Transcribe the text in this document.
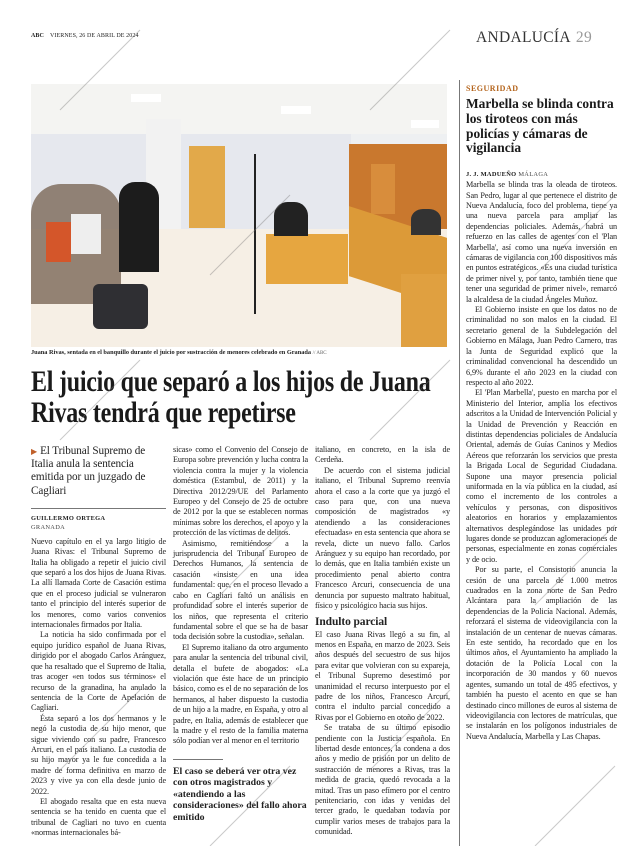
ABC VIERNES, 26 DE ABRIL DE 2024	ANDALUCÍA 29
Juana Rivas, sentada en el banquillo durante el juicio por sustracción de menores celebrado en Granada // ABC
El juicio que separó a los hijos de Juana Rivas tendrá que repetirse
▶ El Tribunal Supremo de Italia anula la sentencia emitida por un juzgado de Cagliari
GUILLERMO ORTEGA
GRANADA

Nuevo capítulo en el ya largo litigio de Juana Rivas: el Tribunal Supremo de Italia ha obligado a repetir el juicio civil que separó a los dos hijos de Juana Rivas. La allí llamada Corte de Casación estima que en el proceso judicial se vulneraron tanto el principio del interés superior de los menores, como varios convenios internacionales firmados por Italia.

La noticia ha sido confirmada por el equipo jurídico español de Juana Rivas, dirigido por el abogado Carlos Aránguez, que ha resaltado que el Supremo de Italia, tras acoger «en todos sus términos» el recurso de la granadina, ha anulado la sentencia de la Corte de Apelación de Cagliari.

Ésta separó a los dos hermanos y le negó la custodia de su hijo menor, que sigue viviendo con su padre, Francesco Arcuri, en el país italiano. La custodia de su hijo mayor ya le fue concedida a la madre de forma definitiva en marzo de 2023 y vive ya con ella desde junio de 2022.

El abogado resalta que en esta nueva sentencia se ha tenido en cuenta que el tribunal de Cagliari no tuvo en cuenta «normas internacionales bá-

sicas» como el Convenio del Consejo de Europa sobre prevención y lucha contra la violencia contra la mujer y la violencia doméstica (Estambul, de 2011) y la Directiva 2012/29/UE del Parlamento Europeo y del Consejo de 25 de octubre de 2012 por la que se establecen normas mínimas sobre los derechos, el apoyo y la protección de las víctimas de delitos.

Asimismo, remitiéndose a la jurisprudencia del Tribunal Europeo de Derechos Humanos, la sentencia de casación «insiste en una idea fundamental: que, en el proceso llevado a cabo en Cagliari faltó un análisis en profundidad sobre el interés superior de los niños, que representa el criterio fundamental sobre el que se ha de basar toda decisión sobre la custodia», señalan.

El Supremo italiano da otro argumento para anular la sentencia del tribunal civil, detalla el bufete de abogados: «La violación que éste hace de un principio básico, como es el de no separación de los hermanos, al haber dispuesto la custodia de un hijo a la madre, en España, y otro al padre, en Italia, además de establecer que la madre y el resto de la familia materna sólo podían ver al menor en el territorio

El caso se deberá ver otra vez con otros magistrados y «atendiendo a las consideraciones» del fallo ahora emitido

italiano, en concreto, en la isla de Cerdeña.

De acuerdo con el sistema judicial italiano, el Tribunal Supremo reenvía ahora el caso a la corte que ya juzgó el caso para que, con una nueva composición de magistrados «y atendiendo a las consideraciones efectuadas» en esta sentencia que ahora se revela, dicte un nuevo fallo. Carlos Aránguez y su equipo han recordado, por lo demás, que en Italia también existe un procedimiento penal abierto contra Francesco Arcuri, consecuencia de una denuncia por supuesto maltrato habitual, físico y psicológico hacia sus hijos.

Indulto parcial

El caso Juana Rivas llegó a su fin, al menos en España, en marzo de 2023. Seis años después del secuestro de sus hijos para evitar que volvieran con su expareja, el Tribunal Supremo desestimó por unanimidad el recurso interpuesto por el padre de los niños, Francesco Arcuri, contra el indulto parcial concedido a Rivas por el Gobierno en otoño de 2022.

Se trataba de su último episodio pendiente con la Justicia española. En libertad desde entonces, la condena a dos años y medio de prisión por un delito de sustracción de menores a Rivas, tras la medida de gracia, quedó revocada a la mitad. Tras un paso efímero por el centro penitenciario, con idas y venidas del tercer grado, le quedaban todavía por cumplir varios meses de trabajos para la comunidad.

SEGURIDAD
Marbella se blinda contra los tiroteos con más policías y cámaras de vigilancia
J. J. MADUEÑO MÁLAGA

Marbella se blinda tras la oleada de tiroteos. San Pedro, lugar al que pertenece el distrito de Nueva Andalucía, foco del problema, tiene ya una nueva parcela para ampliar las dependencias policiales. Además, habrá un refuerzo en las calles de agentes con el 'Plan Marbella', así como una nueva inversión en cámaras de vigilancia con 100 dispositivos más en puntos estratégicos. «Es una ciudad turística de primer nivel y, por tanto, también tiene que tener una seguridad de primer nivel», remarcó la alcaldesa de la ciudad Ángeles Muñoz.

El Gobierno insiste en que los datos no de criminalidad no son malos en la ciudad. El secretario general de la Subdelegación del Gobierno en Málaga, Juan Pedro Carnero, tras la Junta de Seguridad explicó que la criminalidad convencional ha descendido un 6,9% durante el año 2023 en la ciudad con respecto al año 2022.

El 'Plan Marbella', puesto en marcha por el Ministerio del Interior, amplía los efectivos adscritos a la Unidad de Intervención Policial y la Unidad de Prevención y Reacción en distintas dependencias policiales de Andalucía Oriental, además de Guías Caninos y Medios Aéreos que reforzarán los servicios que presta la Brigada Local de Seguridad Ciudadana. Supone una mayor presencia policial uniformada en la vía pública en la ciudad, así como el incremento de los controles a vehículos y personas, con dispositivos aleatorios en horarios y emplazamientos alternativos desplegándose las unidades por lugares donde se produzcan aglomeraciones de personas, especialmente en zonas comerciales y de ocio.

Por su parte, el Consistorio anuncia la cesión de una parcela de 1.000 metros cuadrados en la zona norte de San Pedro Alcántara para la ampliación de las dependencias de la Policía Nacional. Además, reforzará el sistema de videovigilancia con la instalación de un centenar de nuevas cámaras. En este sentido, ha recordado que en los últimos años, el Ayuntamiento ha ampliado la dotación de la Policía Local con la incorporación de 30 mandos y 60 nuevos agentes, sumando un total de 495 efectivos, y también ha puesto el acento en que se han destinado cinco millones de euros al sistema de videovigilancia con lectores de matrículas, que se instalarán en los polígonos industriales de Nueva Andalucía, Marbella y Las Chapas.
